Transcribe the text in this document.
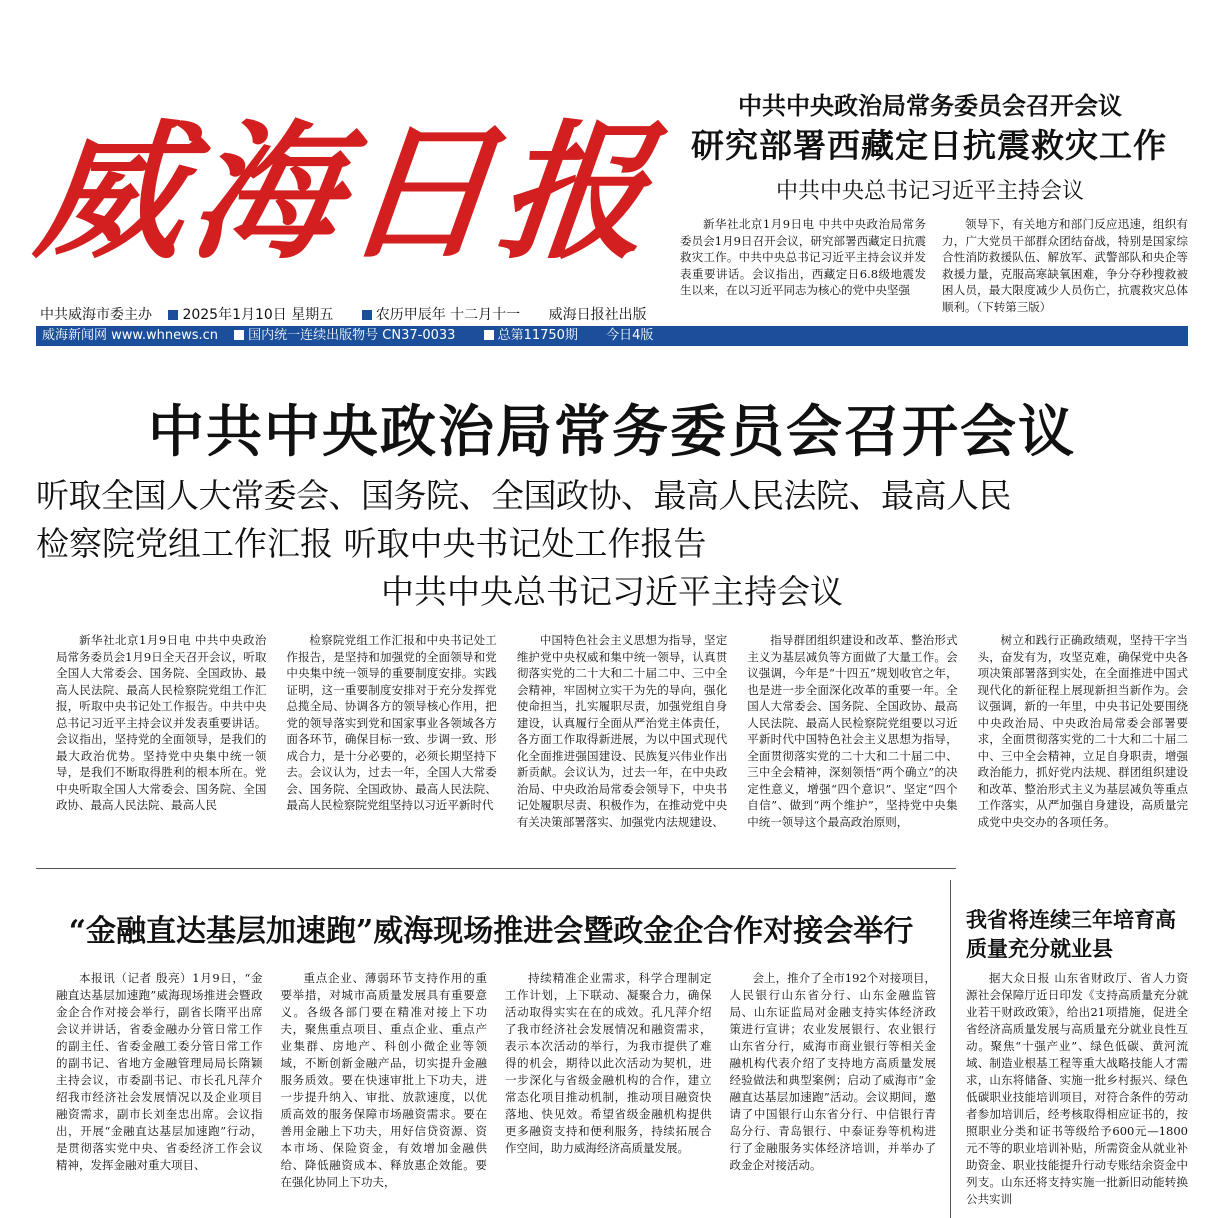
威海日报
中共威海市委主办 2025年1月10日 星期五	农历甲辰年 十二月十一 威海日报社出版
威海新闻网 www.whnews.cn 国内统一连续出版物号 CN37-0033	总第11750期 今日4版
中共中央政治局常务委员会召开会议
研究部署西藏定日抗震救灾工作
中共中央总书记习近平主持会议

新华社北京1月9日电 中共中央政治局常务委员会1月9日召开会议，研究部署西藏定日抗震救灾工作。中共中央总书记习近平主持会议并发表重要讲话。会议指出，西藏定日6.8级地震发生以来，在以习近平同志为核心的党中央坚强

领导下，有关地方和部门反应迅速，组织有力，广大党员干部群众团结奋战，特别是国家综合性消防救援队伍、解放军、武警部队和央企等救援力量，克服高寒缺氧困难，争分夺秒搜救被困人员，最大限度减少人员伤亡，抗震救灾总体顺利。（下转第三版）

中共中央政治局常务委员会召开会议
听取全国人大常委会、国务院、全国政协、最高人民法院、最高人民
检察院党组工作汇报 听取中央书记处工作报告
中共中央总书记习近平主持会议

新华社北京1月9日电 中共中央政治局常务委员会1月9日全天召开会议，听取全国人大常委会、国务院、全国政协、最高人民法院、最高人民检察院党组工作汇报，听取中央书记处工作报告。中共中央总书记习近平主持会议并发表重要讲话。会议指出，坚持党的全面领导，是我们的最大政治优势。坚持党中央集中统一领导，是我们不断取得胜利的根本所在。党中央听取全国人大常委会、国务院、全国政协、最高人民法院、最高人民

检察院党组工作汇报和中央书记处工作报告，是坚持和加强党的全面领导和党中央集中统一领导的重要制度安排。实践证明，这一重要制度安排对于充分发挥党总揽全局、协调各方的领导核心作用，把党的领导落实到党和国家事业各领域各方面各环节，确保目标一致、步调一致、形成合力，是十分必要的，必须长期坚持下去。会议认为，过去一年，全国人大常委会、国务院、全国政协、最高人民法院、最高人民检察院党组坚持以习近平新时代

中国特色社会主义思想为指导，坚定维护党中央权威和集中统一领导，认真贯彻落实党的二十大和二十届二中、三中全会精神，牢固树立实干为先的导向，强化使命担当，扎实履职尽责，加强党组自身建设，认真履行全面从严治党主体责任，各方面工作取得新进展，为以中国式现代化全面推进强国建设、民族复兴伟业作出新贡献。会议认为，过去一年，在中央政治局、中央政治局常委会领导下，中央书记处履职尽责、积极作为，在推动党中央有关决策部署落实、加强党内法规建设、

指导群团组织建设和改革、整治形式主义为基层减负等方面做了大量工作。会议强调，今年是“十四五”规划收官之年，也是进一步全面深化改革的重要一年。全国人大常委会、国务院、全国政协、最高人民法院、最高人民检察院党组要以习近平新时代中国特色社会主义思想为指导，全面贯彻落实党的二十大和二十届二中、三中全会精神，深刻领悟“两个确立”的决定性意义，增强“四个意识”、坚定“四个自信”、做到“两个维护”，坚持党中央集中统一领导这个最高政治原则，

树立和践行正确政绩观，坚持干字当头，奋发有为，攻坚克难，确保党中央各项决策部署落到实处，在全面推进中国式现代化的新征程上展现新担当新作为。会议强调，新的一年里，中央书记处要围绕中央政治局、中央政治局常委会部署要求，全面贯彻落实党的二十大和二十届二中、三中全会精神，立足自身职责，增强政治能力，抓好党内法规、群团组织建设和改革、整治形式主义为基层减负等重点工作落实，从严加强自身建设，高质量完成党中央交办的各项任务。

“金融直达基层加速跑”威海现场推进会暨政金企合作对接会举行

本报讯（记者 殷亮）1月9日，“金融直达基层加速跑”威海现场推进会暨政金企合作对接会举行，副省长隋平出席会议并讲话，省委金融办分管日常工作的副主任、省委金融工委分管日常工作的副书记、省地方金融管理局局长隋颖主持会议，市委副书记、市长孔凡萍介绍我市经济社会发展情况以及企业项目融资需求，副市长刘奎忠出席。会议指出，开展“金融直达基层加速跑”行动，是贯彻落实党中央、省委经济工作会议精神，发挥金融对重大项目、

重点企业、薄弱环节支持作用的重要举措，对城市高质量发展具有重要意义。各级各部门要在精准对接上下功夫，聚焦重点项目、重点企业、重点产业集群、房地产、科创小微企业等领域，不断创新金融产品，切实提升金融服务质效。要在快速审批上下功夫，进一步提升纳入、审批、放款速度，以优质高效的服务保障市场融资需求。要在善用金融上下功夫，用好信贷资源、资本市场、保险资金，有效增加金融供给、降低融资成本、释放惠企效能。要在强化协同上下功夫，

持续精准企业需求，科学合理制定工作计划，上下联动、凝聚合力，确保活动取得实实在在的成效。孔凡萍介绍了我市经济社会发展情况和融资需求，表示本次活动的举行，为我市提供了难得的机会，期待以此次活动为契机，进一步深化与省级金融机构的合作，建立常态化项目推动机制，推动项目融资快落地、快见效。希望省级金融机构提供更多融资支持和便利服务，持续拓展合作空间，助力威海经济高质量发展。

会上，推介了全市192个对接项目，人民银行山东省分行、山东金融监管局、山东证监局对金融支持实体经济政策进行宣讲；农业发展银行、农业银行山东省分行，威海市商业银行等相关金融机构代表介绍了支持地方高质量发展经验做法和典型案例；启动了威海市“金融直达基层加速跑”活动。会议期间，邀请了中国银行山东省分行、中信银行青岛分行、青岛银行、中泰证券等机构进行了金融服务实体经济培训，并举办了政金企对接活动。

我省将连续三年培育高质量充分就业县

据大众日报 山东省财政厅、省人力资源社会保障厅近日印发《支持高质量充分就业若干财政政策》，给出21项措施，促进全省经济高质量发展与高质量充分就业良性互动。聚焦“十强产业”、绿色低碳、黄河流域、制造业根基工程等重大战略技能人才需求，山东将储备、实施一批乡村振兴、绿色低碳职业技能培训项目，对符合条件的劳动者参加培训后，经考核取得相应证书的，按照职业分类和证书等级给予600元—1800元不等的职业培训补贴，所需资金从就业补助资金、职业技能提升行动专账结余资金中列支。山东还将支持实施一批新旧动能转换公共实训
